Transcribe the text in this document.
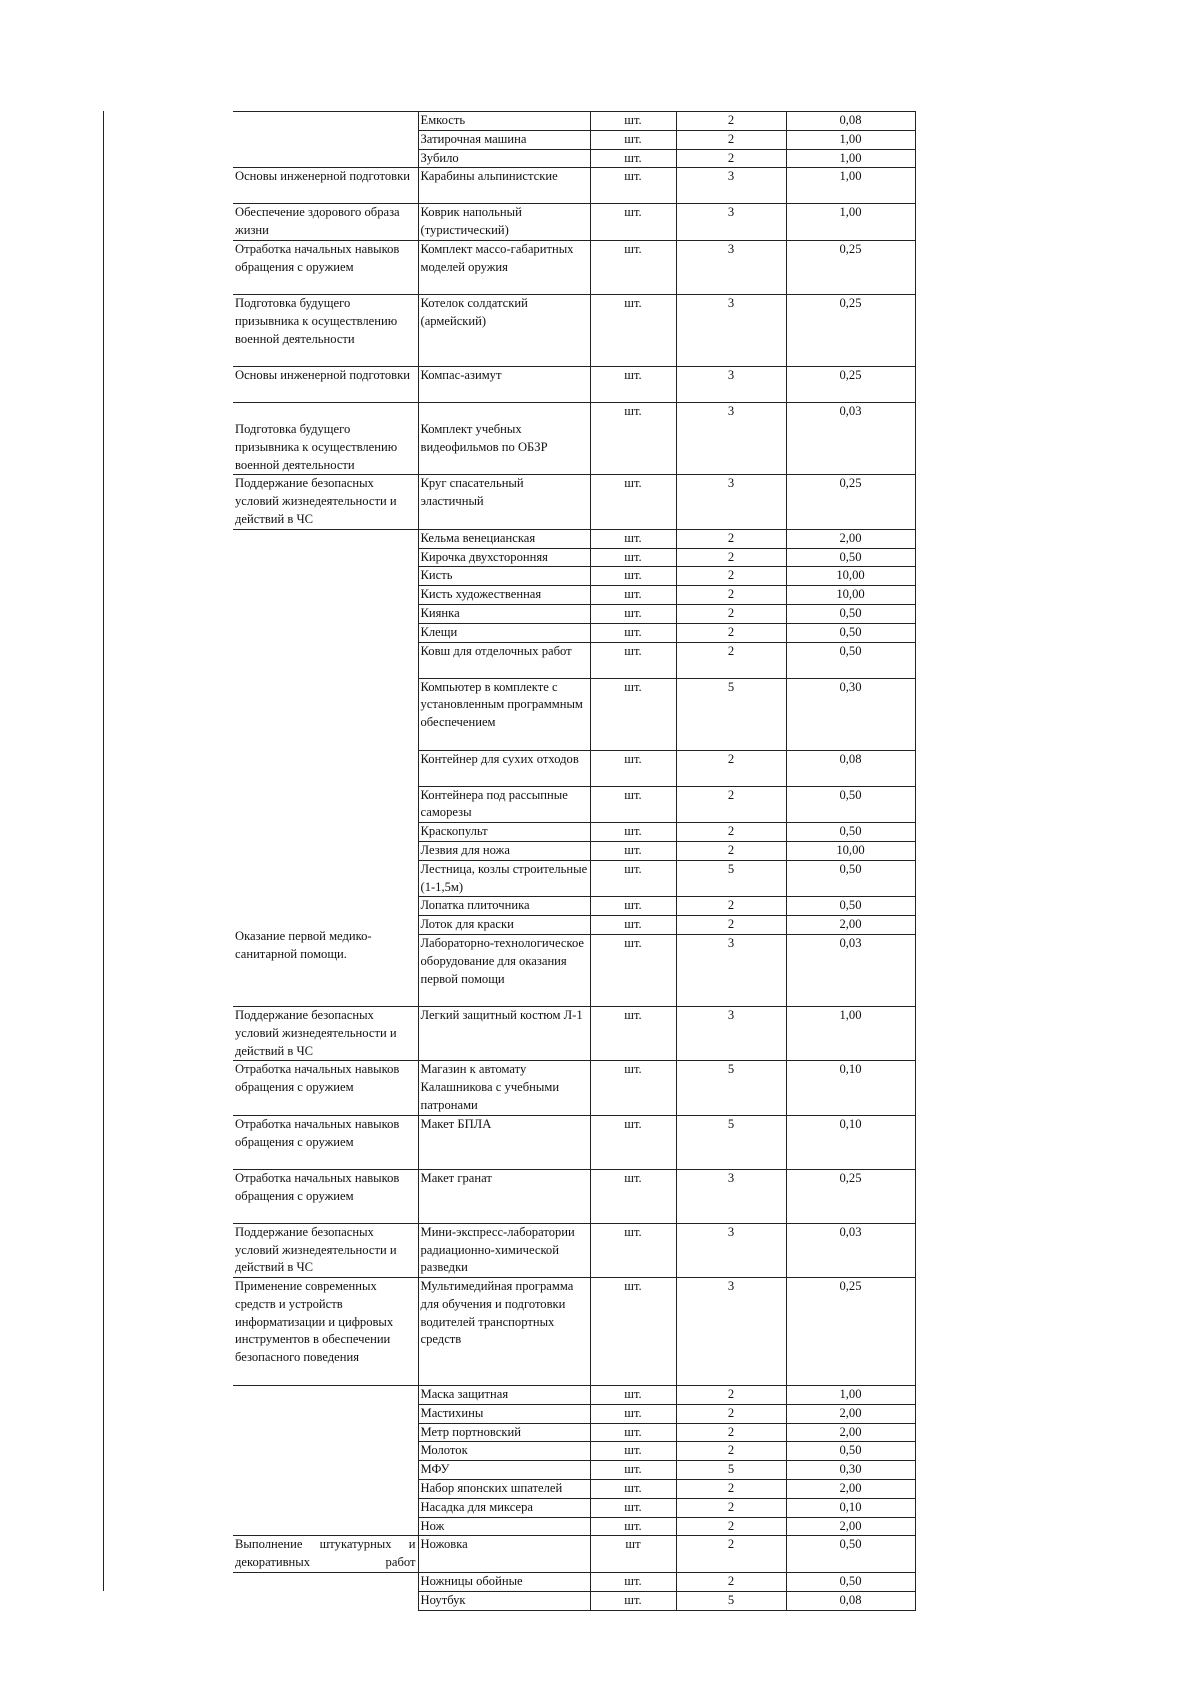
	Емкость	шт.	2	0,08
	Затирочная машина	шт.	2	1,00
	Зубило	шт.	2	1,00
Основы инженерной подготовки	Карабины альпинистские	шт.	3	1,00
Обеспечение здорового образа жизни	Коврик напольный (туристический)	шт.	3	1,00
Отработка начальных навыков обращения с оружием	Комплект массо-габаритных моделей оружия	шт.	3	0,25
Подготовка будущего призывника к осуществлению военной деятельности	Котелок солдатский (армейский)	шт.	3	0,25
Основы инженерной подготовки	Компас-азимут	шт.	3	0,25
Подготовка будущего призывника к осуществлению военной деятельности	Комплект учебных видеофильмов по ОБЗР	шт.	3	0,03
Поддержание безопасных условий жизнедеятельности и действий в ЧС	Круг спасательный эластичный	шт.	3	0,25
Оказание первой медико-санитарной помощи.	Кельма венецианская	шт.	2	2,00
	Кирочка двухсторонняя	шт.	2	0,50
	Кисть	шт.	2	10,00
	Кисть художественная	шт.	2	10,00
	Киянка	шт.	2	0,50
	Клещи	шт.	2	0,50
	Ковш для отделочных работ	шт.	2	0,50
	Компьютер в комплекте с установленным программным обеспечением	шт.	5	0,30
	Контейнер для сухих отходов	шт.	2	0,08
	Контейнера под рассыпные саморезы	шт.	2	0,50
	Краскопульт	шт.	2	0,50
	Лезвия для ножа	шт.	2	10,00
	Лестница, козлы строительные (1-1,5м)	шт.	5	0,50
	Лопатка плиточника	шт.	2	0,50
	Лоток для краски	шт.	2	2,00
	Лабораторно-технологическое оборудование для оказания первой помощи	шт.	3	0,03
Поддержание безопасных условий жизнедеятельности и действий в ЧС	Легкий защитный костюм Л-1	шт.	3	1,00
Отработка начальных навыков обращения с оружием	Магазин к автомату Калашникова с учебными патронами	шт.	5	0,10
Отработка начальных навыков обращения с оружием	Макет БПЛА	шт.	5	0,10
Отработка начальных навыков обращения с оружием	Макет гранат	шт.	3	0,25
Поддержание безопасных условий жизнедеятельности и действий в ЧС	Мини-экспресс-лаборатории радиационно-химической разведки	шт.	3	0,03
Применение современных средств и устройств информатизации и цифровых инструментов в обеспечении безопасного поведения	Мультимедийная программа для обучения и подготовки водителей транспортных средств	шт.	3	0,25
	Маска защитная	шт.	2	1,00
	Мастихины	шт.	2	2,00
	Метр портновский	шт.	2	2,00
	Молоток	шт.	2	0,50
	МФУ	шт.	5	0,30
	Набор японских шпателей	шт.	2	2,00
	Насадка для миксера	шт.	2	0,10
	Нож	шт.	2	2,00

Выполнение штукатурных и декоративных работ	Ножовка	шт	2	0,50
	Ножницы обойные	шт.	2	0,50
	Ноутбук	шт.	5	0,08
